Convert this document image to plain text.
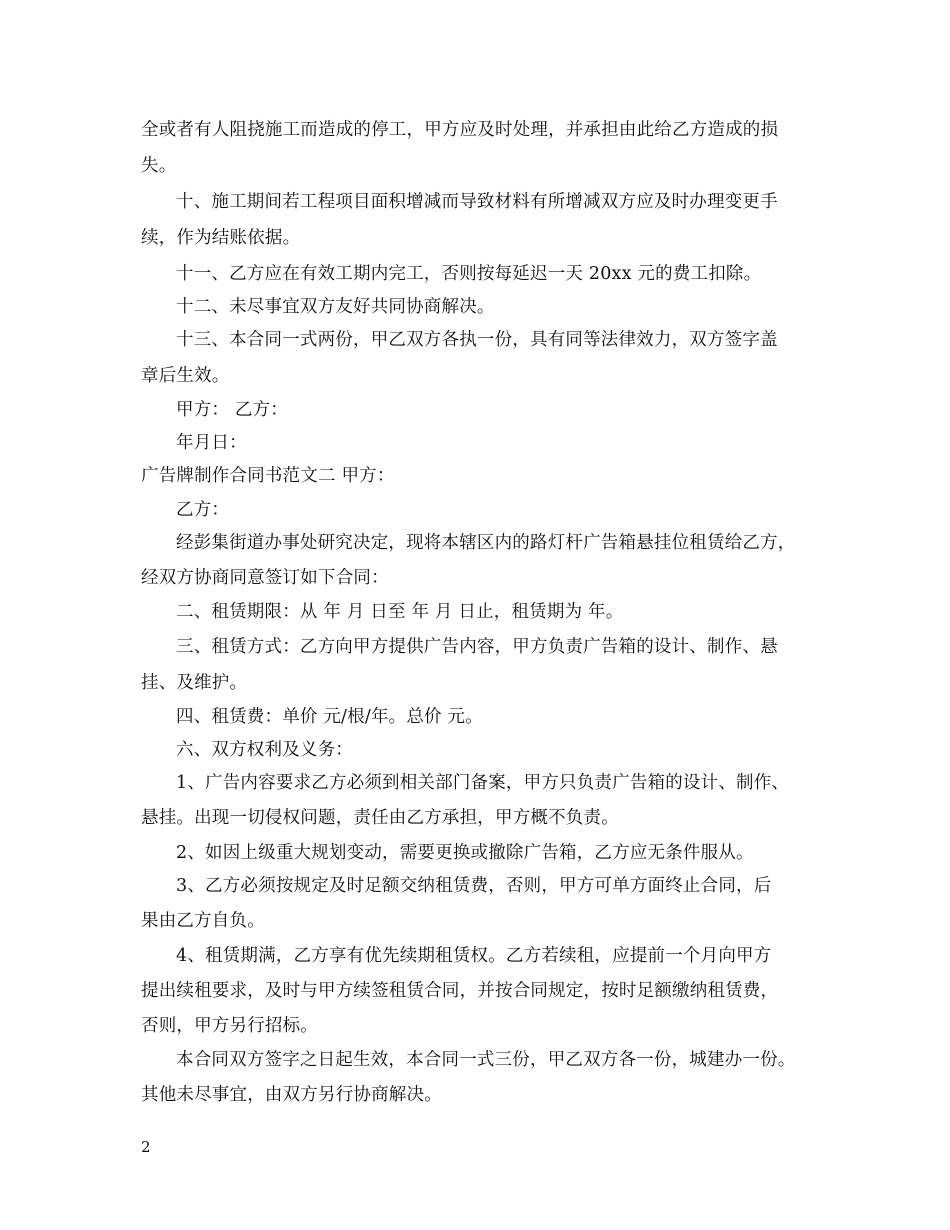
全或者有人阻挠施工而造成的停工，甲方应及时处理，并承担由此给乙方造成的损
失。
十、施工期间若工程项目面积增减而导致材料有所增减双方应及时办理变更手
续，作为结账依据。
十一、乙方应在有效工期内完工，否则按每延迟一天 20xx 元的费工扣除。
十二、未尽事宜双方友好共同协商解决。
十三、本合同一式两份，甲乙双方各执一份，具有同等法律效力，双方签字盖
章后生效。
甲方： 乙方：
年月日：
广告牌制作合同书范文二 甲方：
乙方：
经彭集街道办事处研究决定，现将本辖区内的路灯杆广告箱悬挂位租赁给乙方，
经双方协商同意签订如下合同：
二、租赁期限：从 年 月 日至 年 月 日止，租赁期为 年。
三、租赁方式：乙方向甲方提供广告内容，甲方负责广告箱的设计、制作、悬
挂、及维护。
四、租赁费：单价 元/根/年。总价 元。
六、双方权利及义务：
1、广告内容要求乙方必须到相关部门备案，甲方只负责广告箱的设计、制作、
悬挂。出现一切侵权问题，责任由乙方承担，甲方概不负责。
2、如因上级重大规划变动，需要更换或撤除广告箱，乙方应无条件服从。
3、乙方必须按规定及时足额交纳租赁费，否则，甲方可单方面终止合同，后
果由乙方自负。
4、租赁期满，乙方享有优先续期租赁权。乙方若续租，应提前一个月向甲方
提出续租要求，及时与甲方续签租赁合同，并按合同规定，按时足额缴纳租赁费，
否则，甲方另行招标。
本合同双方签字之日起生效，本合同一式三份，甲乙双方各一份，城建办一份。
其他未尽事宜，由双方另行协商解决。
2
